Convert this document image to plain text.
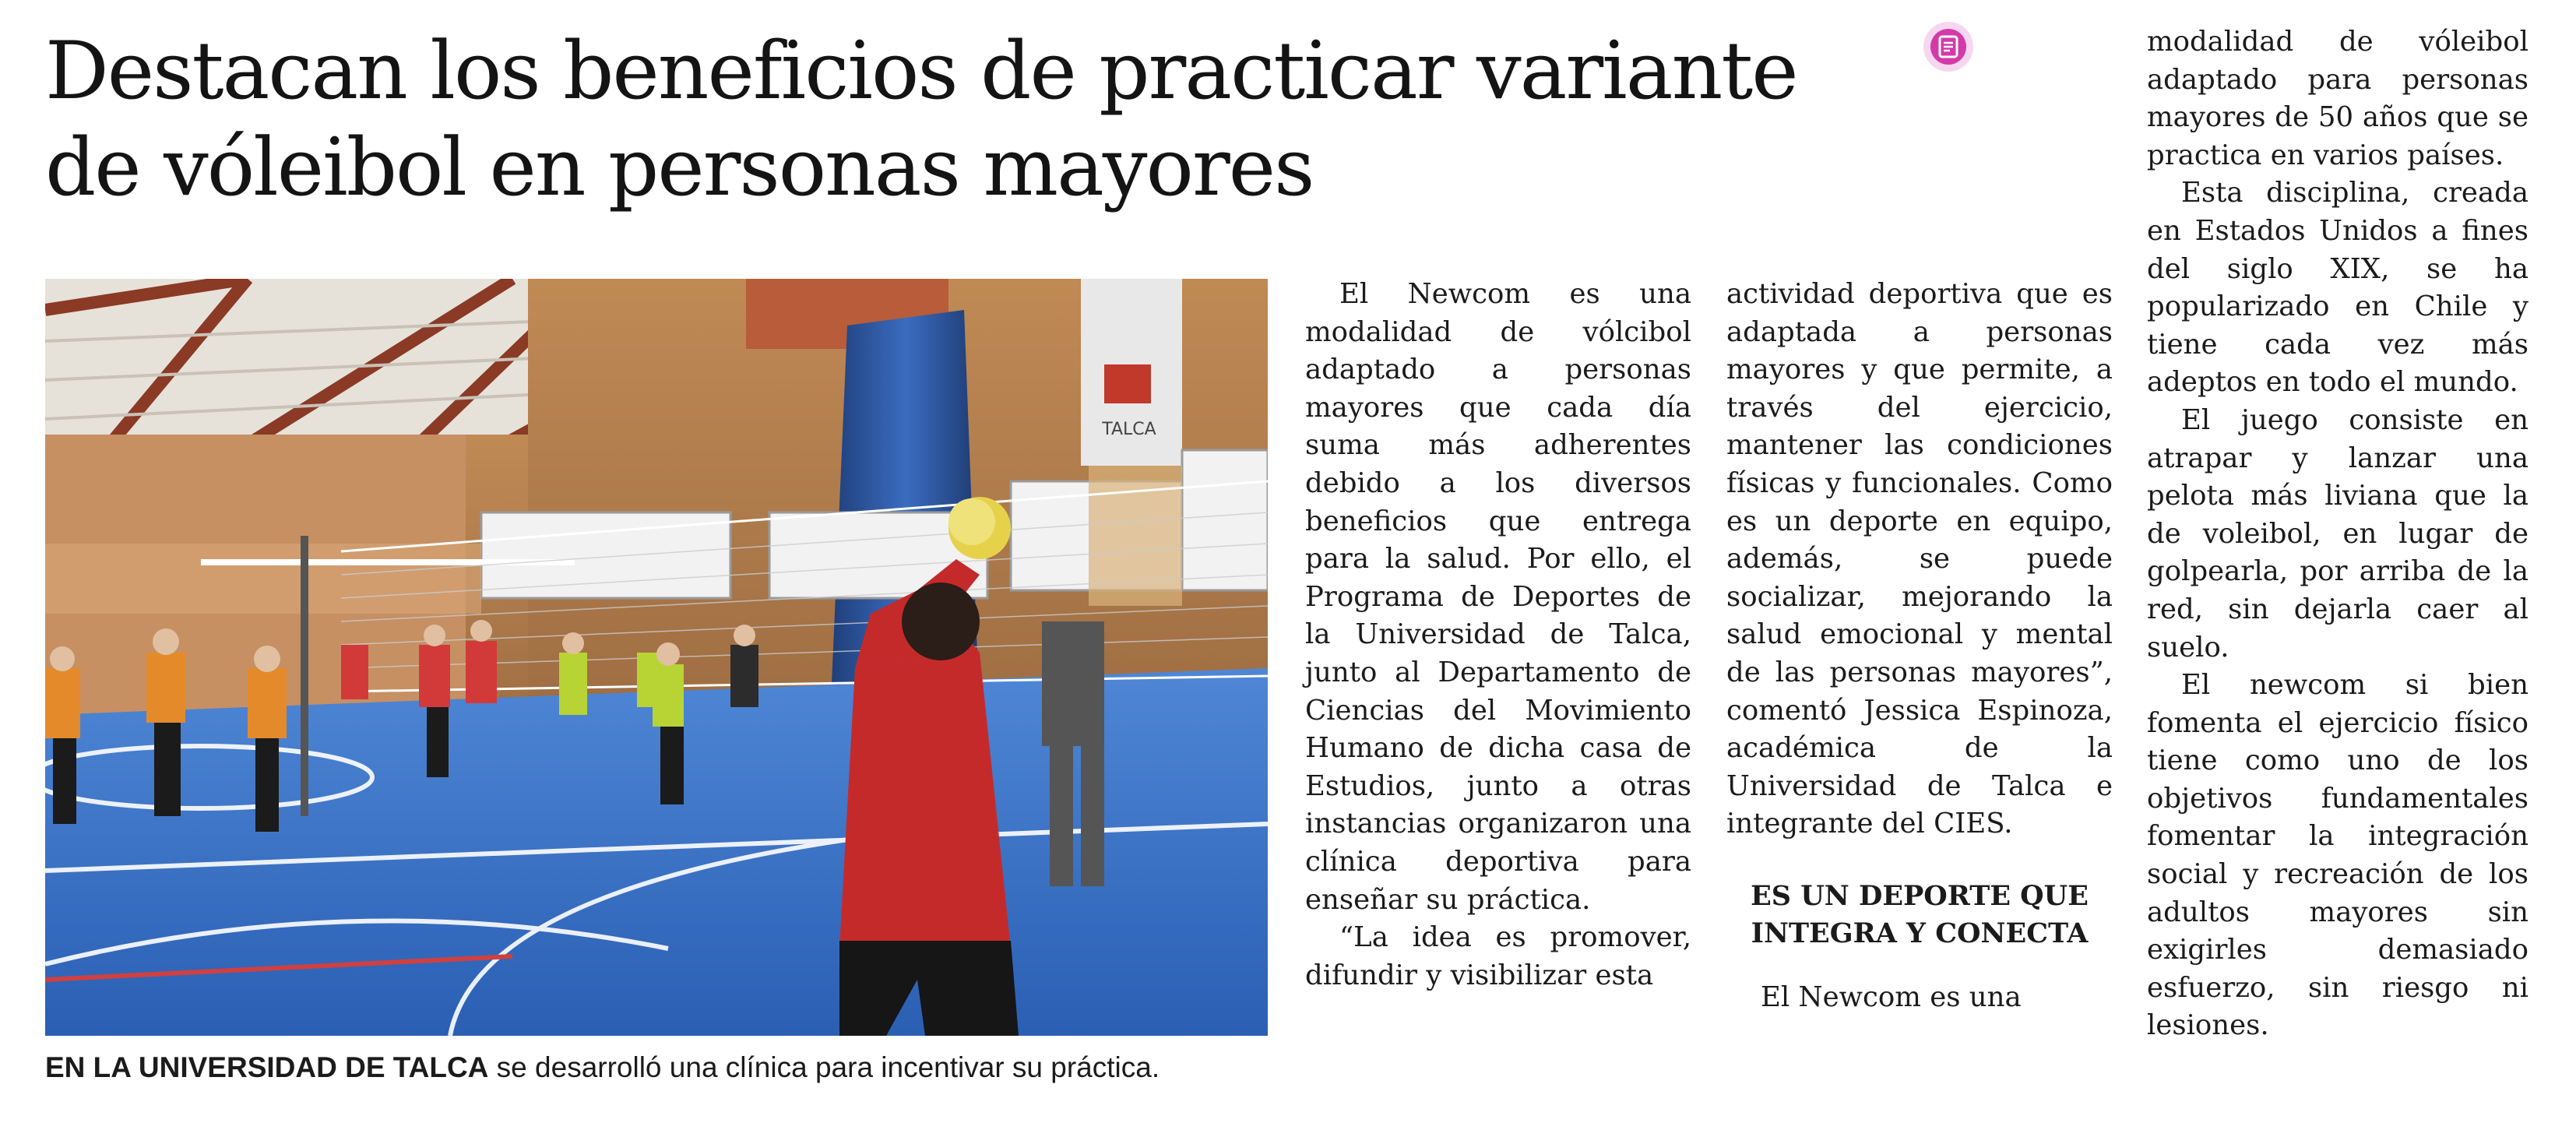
Destacan los beneficios de practicar variante
de vóleibol en personas mayores
TALCA
EN LA UNIVERSIDAD DE TALCA se desarrolló una clínica para incentivar su práctica.

El Newcom es una modalidad de vólcibol adaptado a personas mayores que cada día suma más adherentes debido a los diversos beneficios que entrega para la salud. Por ello, el Programa de Deportes de la Universidad de Talca, junto al Departamento de Ciencias del Movimiento Humano de dicha casa de Estudios, junto a otras instancias organizaron una clínica deportiva para enseñar su práctica.

“La idea es promover, difundir y visibilizar esta

actividad deportiva que es adaptada a personas mayores y que permite, a través del ejercicio, mantener las condiciones físicas y funcionales. Como es un deporte en equipo, además, se puede socializar, mejorando la salud emocional y mental de las personas mayores”, comentó Jessica Espinoza, académica de la Universidad de Talca e integrante del CIES.

ES UN DEPORTE QUE
INTEGRA Y CONECTA

El Newcom es una

modalidad de vóleibol adaptado para personas mayores de 50 años que se practica en varios países.

Esta disciplina, creada en Estados Unidos a fines del siglo XIX, se ha popularizado en Chile y tiene cada vez más adeptos en todo el mundo.

El juego consiste en atrapar y lanzar una pelota más liviana que la de voleibol, en lugar de golpearla, por arriba de la red, sin dejarla caer al suelo.

El newcom si bien fomenta el ejercicio físico tiene como uno de los objetivos fundamentales fomentar la integración social y recreación de los adultos mayores sin exigirles demasiado esfuerzo, sin riesgo ni lesiones.
